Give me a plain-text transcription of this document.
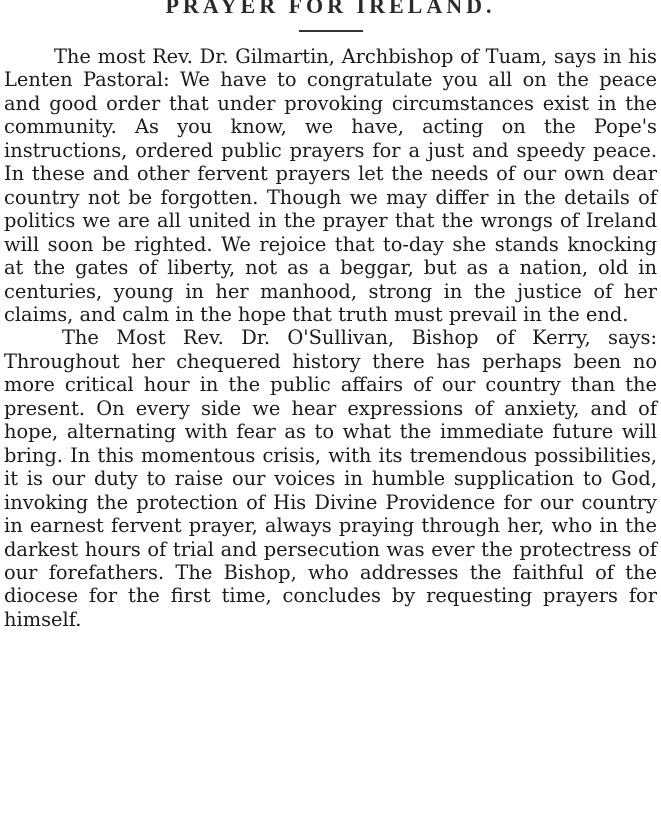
PRAYER FOR IRELAND.

The most Rev. Dr. Gilmartin, Archbishop of Tuam, says in his Lenten Pastoral: We have to congratulate you all on the peace and good order that under provoking circumstances exist in the community. As you know, we have, acting on the Pope's instructions, ordered public prayers for a just and speedy peace. In these and other fervent prayers let the needs of our own dear country not be forgotten. Though we may differ in the details of politics we are all united in the prayer that the wrongs of Ireland will soon be righted. We rejoice that to-day she stands knocking at the gates of liberty, not as a beggar, but as a nation, old in centuries, young in her manhood, strong in the justice of her claims, and calm in the hope that truth must prevail in the end.

The Most Rev. Dr. O'Sullivan, Bishop of Kerry, says: Throughout her chequered history there has perhaps been no more critical hour in the public affairs of our country than the present. On every side we hear expressions of anxiety, and of hope, alternating with fear as to what the immediate future will bring. In this momentous crisis, with its tremendous possibilities, it is our duty to raise our voices in humble supplication to God, invoking the protection of His Divine Providence for our country in earnest fervent prayer, always praying through her, who in the darkest hours of trial and persecution was ever the protectress of our forefathers. The Bishop, who addresses the faithful of the diocese for the first time, concludes by requesting prayers for himself.
